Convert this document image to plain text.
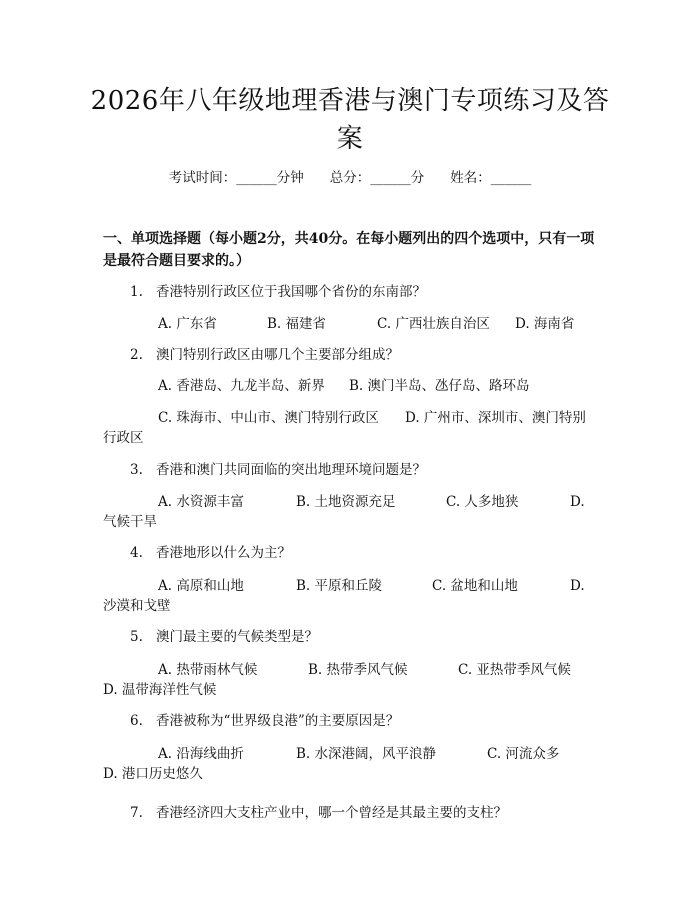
2026年八年级地理香港与澳门专项练习及答案
考试时间：______分钟 总分：______分 姓名：______
一、单项选择题（每小题2分，共40分。在每小题列出的四个选项中，只有一项
是最符合题目要求的。）
1. 香港特别行政区位于我国哪个省份的东南部？
A. 广东省	B. 福建省	C. 广西壮族自治区 D. 海南省
2. 澳门特别行政区由哪几个主要部分组成？
A. 香港岛、九龙半岛、新界 B. 澳门半岛、氹仔岛、路环岛
C. 珠海市、中山市、澳门特别行政区 D. 广州市、深圳市、澳门特别
行政区
3. 香港和澳门共同面临的突出地理环境问题是？
A. 水资源丰富	B. 土地资源充足	C. 人多地狭	D.
气候干旱
4. 香港地形以什么为主？
A. 高原和山地	B. 平原和丘陵	C. 盆地和山地	D.
沙漠和戈壁
5. 澳门最主要的气候类型是？
A. 热带雨林气候	B. 热带季风气候	C. 亚热带季风气候
D. 温带海洋性气候
6. 香港被称为“世界级良港”的主要原因是？
A. 沿海线曲折	B. 水深港阔，风平浪静	C. 河流众多
D. 港口历史悠久
7. 香港经济四大支柱产业中，哪一个曾经是其最主要的支柱？
